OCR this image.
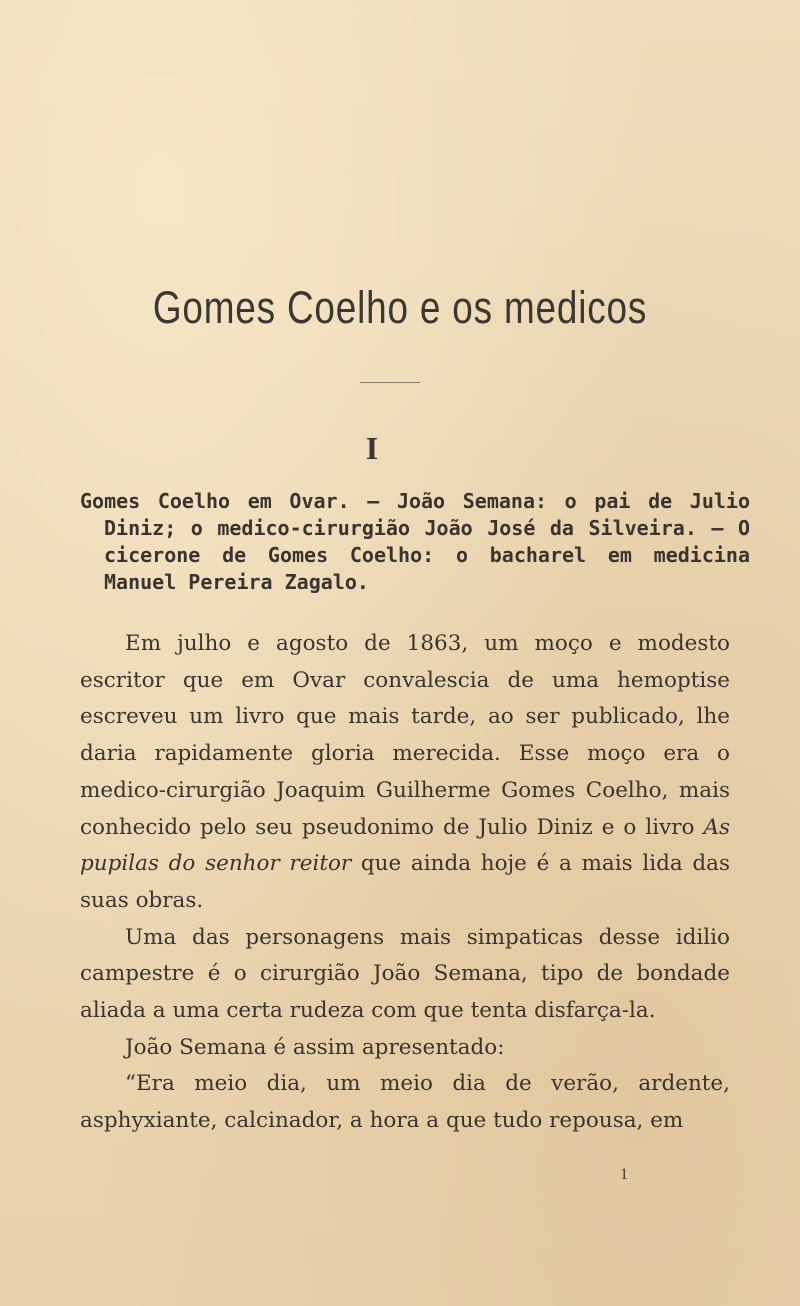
Gomes Coelho e os medicos
I

Gomes Coelho em Ovar. — João Semana: o pai de Julio Diniz; o medico-cirurgião João José da Silveira. — O cicerone de Gomes Coelho: o bacharel em medicina Manuel Pereira Zagalo.

Em julho e agosto de 1863, um moço e modesto escritor que em Ovar convalescia de uma hemoptise escreveu um livro que mais tarde, ao ser publicado, lhe daria rapidamente gloria merecida. Esse moço era o medico-cirurgião Joaquim Guilherme Gomes Coelho, mais conhecido pelo seu pseudonimo de Julio Diniz e o livro As pupilas do senhor reitor que ainda hoje é a mais lida das suas obras.

Uma das personagens mais simpaticas desse idilio campestre é o cirurgião João Semana, tipo de bondade aliada a uma certa rudeza com que tenta disfarça-la.

João Semana é assim apresentado:

“Era meio dia, um meio dia de verão, ardente, asphyxiante, calcinador, a hora a que tudo repousa, em

1
